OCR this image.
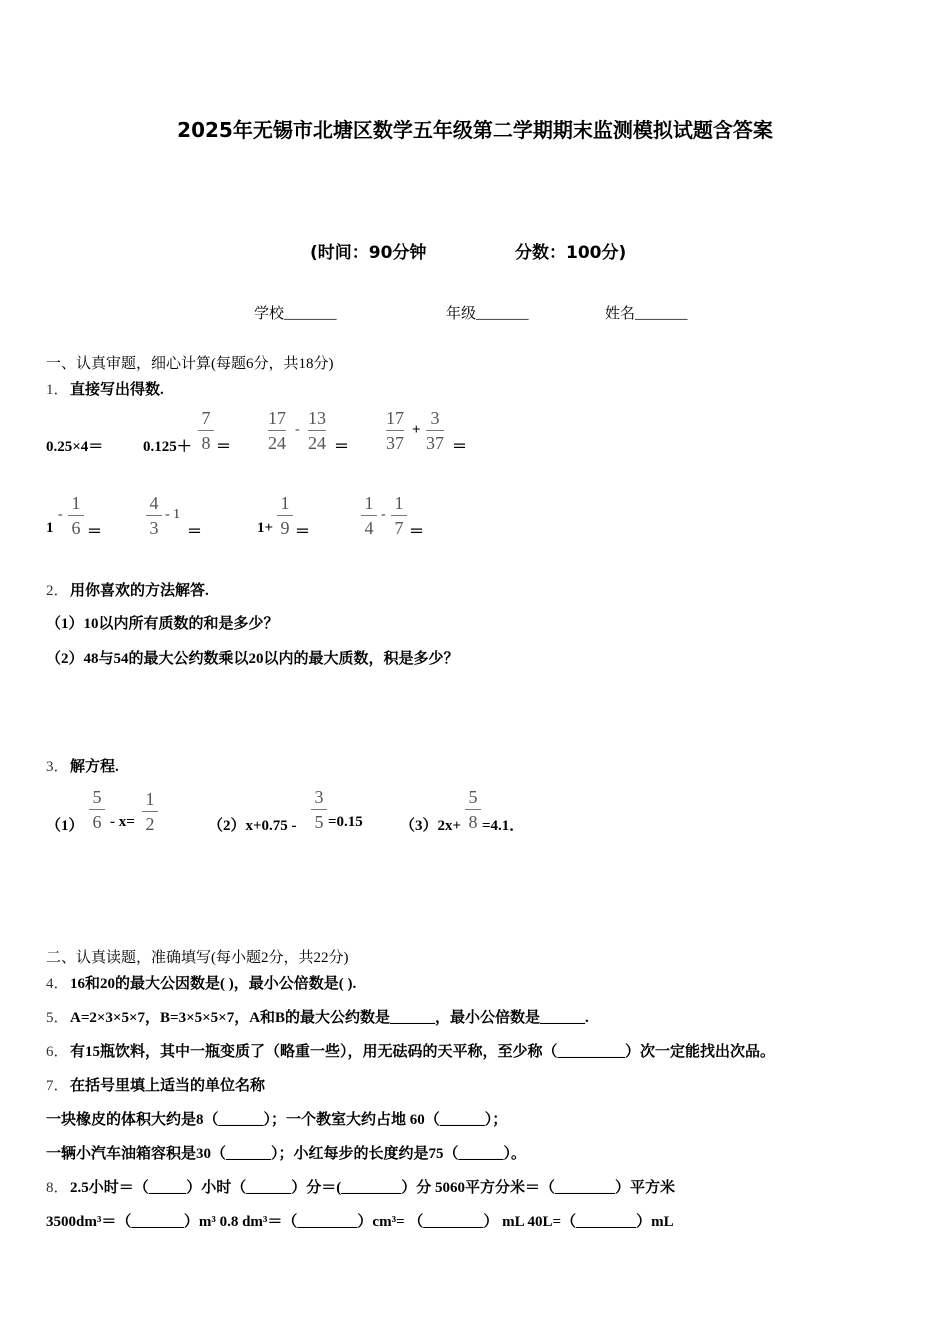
2025年无锡市北塘区数学五年级第二学期期末监测模拟试题含答案
(时间：90分钟	分数：100分)
学校_______	年级_______	姓名_______
一、认真审题，细心计算(每题6分，共18分)
1． 直接写出得数.
0.25×4＝	0.125＋
7
8 ＝
17
24
-
13
24 ＝
17
37
+
3
37 ＝
1
-
1
6 ＝
4
3
- 1
＝	1+
1
9 ＝
1
4
-
1
7 ＝
2． 用你喜欢的方法解答.
（1）10以内所有质数的和是多少？
（2）48与54的最大公约数乘以20以内的最大质数，积是多少？
3． 解方程.
（1）
5
6 - x=
1
2	（2）x+0.75 -
3
5 =0.15 （3）2x+
5
8 =4.1．
二、认真读题，准确填写(每小题2分，共22分)
4． 16和20的最大公因数是( )，最小公倍数是( ).
5． A=2×3×5×7，B=3×5×5×7，A和B的最大公约数是______，最小公倍数是______.
6． 有15瓶饮料，其中一瓶变质了（略重一些），用无砝码的天平称，至少称（_________）次一定能找出次品。
7． 在括号里填上适当的单位名称
一块橡皮的体积大约是8（______）；一个教室大约占地 60（______）；
一辆小汽车油箱容积是30（______）；小红每步的长度约是75（______）。
8． 2.5小时＝（_____）小时（______）分＝(________）分 5060平方分米＝（________）平方米
3500dm³＝（_______）m³ 0.8 dm³＝（________）cm³= （________） mL 40L=（________）mL
